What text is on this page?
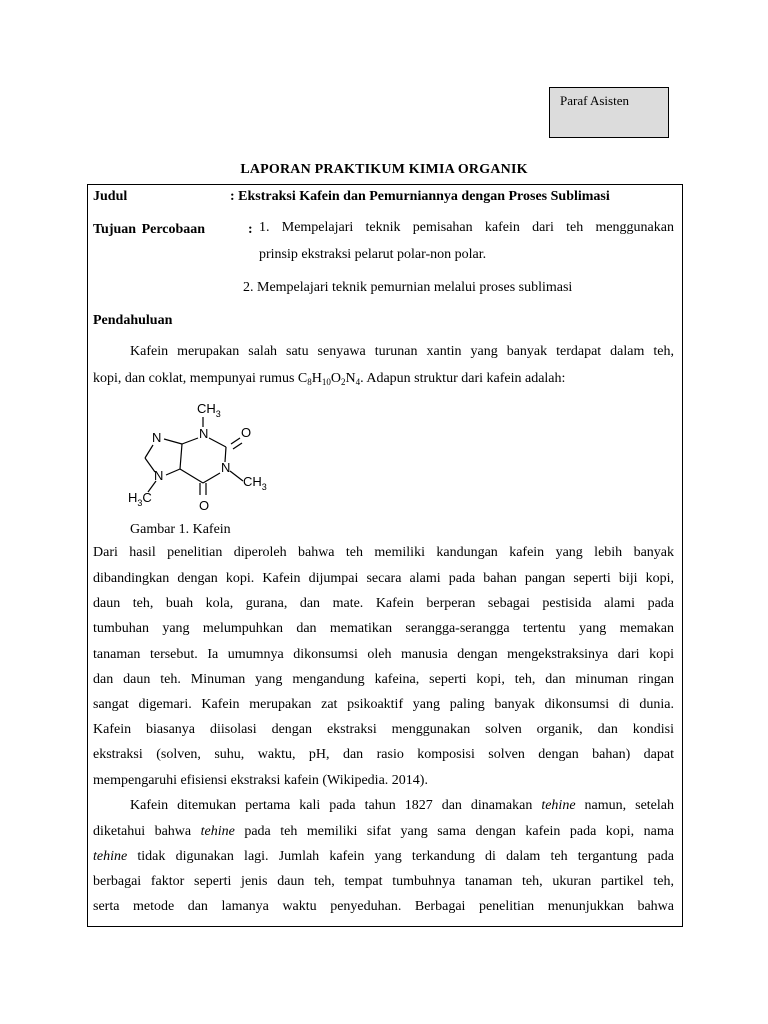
Paraf Asisten
LAPORAN PRAKTIKUM KIMIA ORGANIK
Judul	: Ekstraksi Kafein dan Pemurniannya dengan Proses Sublimasi
Tujuan Percobaan	: 1. Mempelajari teknik pemisahan kafein dari teh menggunakan
prinsip ekstraksi pelarut polar-non polar.
2. Mempelajari teknik pemurnian melalui proses sublimasi
Pendahuluan
Kafein merupakan salah satu senyawa turunan xantin yang banyak terdapat dalam teh,
kopi, dan coklat, mempunyai rumus $C_8H_{10}O_2N_4$. Adapun struktur dari kafein adalah:
$CH_3$
N	O
N
N
$CH_3$
N
$H_3C$
O
Gambar 1. Kafein
Dari hasil penelitian diperoleh bahwa teh memiliki kandungan kafein yang lebih banyak
dibandingkan dengan kopi. Kafein dijumpai secara alami pada bahan pangan seperti biji kopi,
daun teh, buah kola, gurana, dan mate. Kafein berperan sebagai pestisida alami pada
tumbuhan yang melumpuhkan dan mematikan serangga-serangga tertentu yang memakan
tanaman tersebut. Ia umumnya dikonsumsi oleh manusia dengan mengekstraksinya dari kopi
dan daun teh. Minuman yang mengandung kafeina, seperti kopi, teh, dan minuman ringan
sangat digemari. Kafein merupakan zat psikoaktif yang paling banyak dikonsumsi di dunia.
Kafein biasanya diisolasi dengan ekstraksi menggunakan solven organik, dan kondisi
ekstraksi (solven, suhu, waktu, pH, dan rasio komposisi solven dengan bahan) dapat
mempengaruhi efisiensi ekstraksi kafein (Wikipedia. 2014).
Kafein ditemukan pertama kali pada tahun 1827 dan dinamakan tehine namun, setelah
diketahui bahwa tehine pada teh memiliki sifat yang sama dengan kafein pada kopi, nama
tehine tidak digunakan lagi. Jumlah kafein yang terkandung di dalam teh tergantung pada
berbagai faktor seperti jenis daun teh, tempat tumbuhnya tanaman teh, ukuran partikel teh,
serta metode dan lamanya waktu penyeduhan. Berbagai penelitian menunjukkan bahwa
